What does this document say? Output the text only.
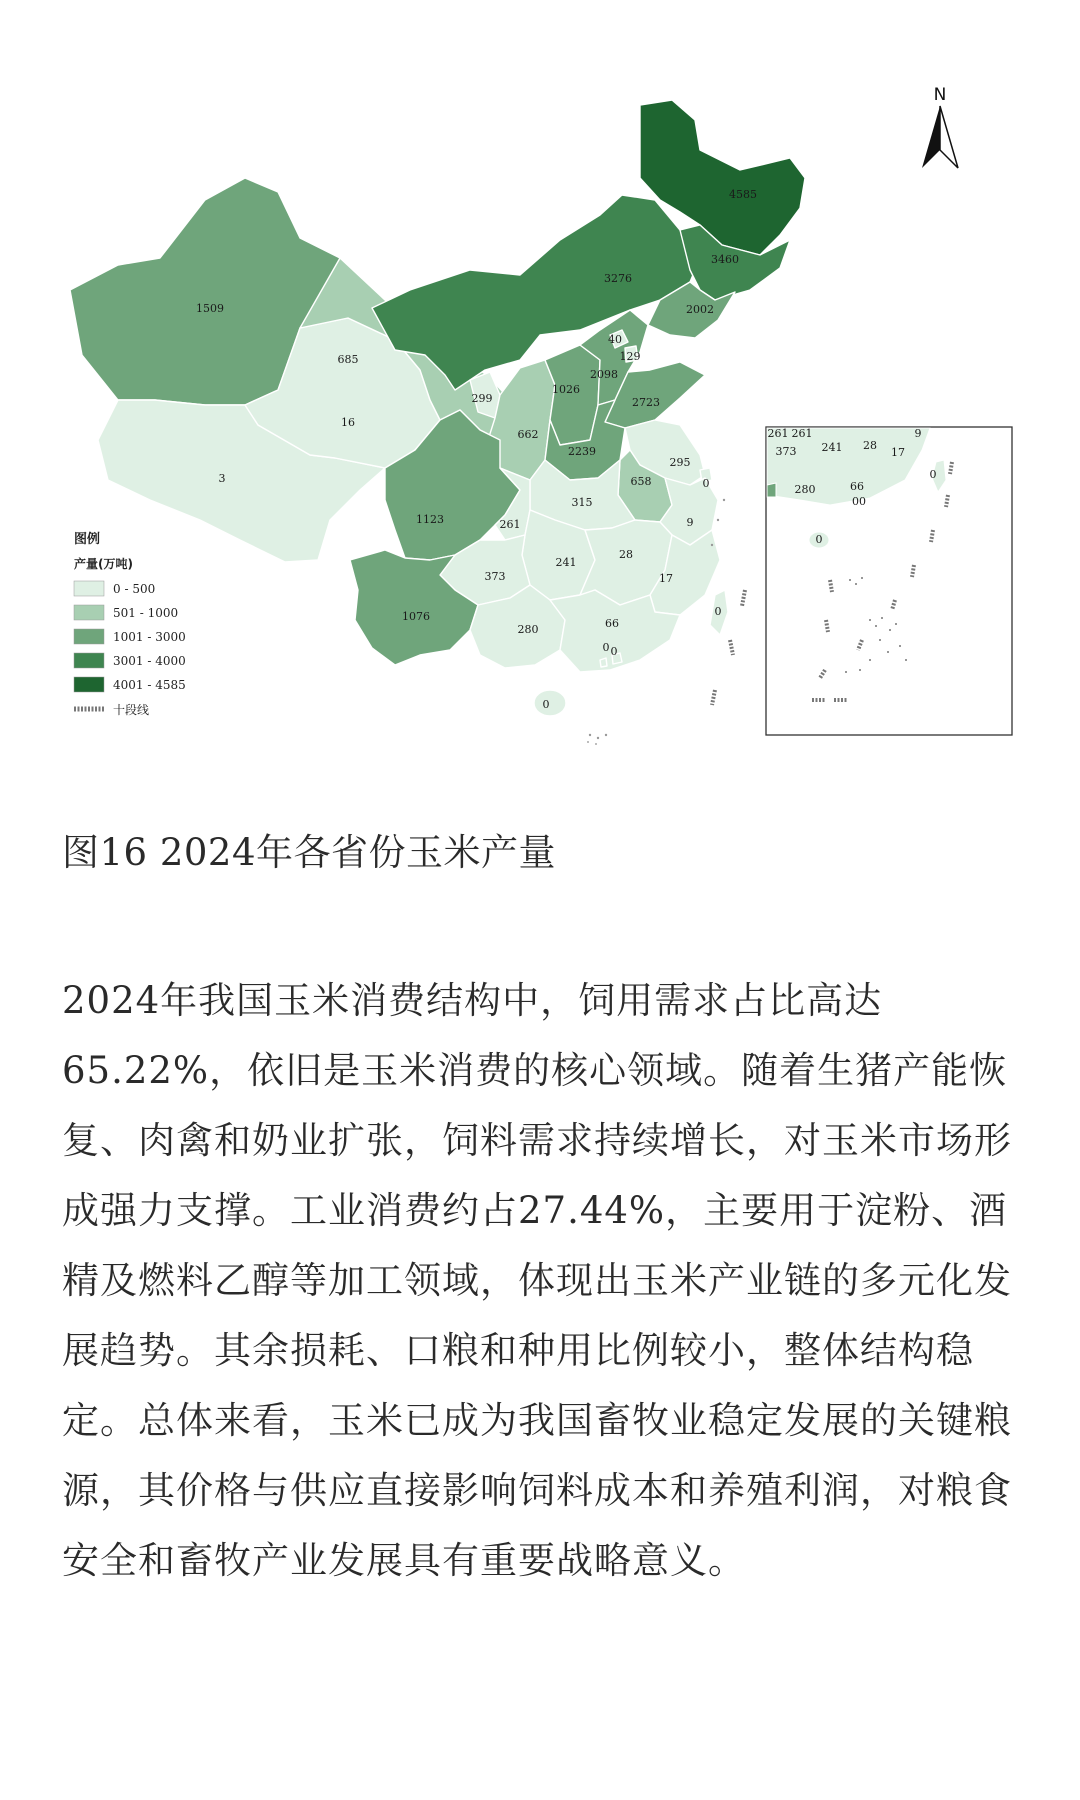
4585
3460
3276
2002
1509
685
16
3
299
1026
2098
40
129
2723
662
2239
295
658	0
1123
315
9
261
241
28
373	17
1076
280	66
0
0
0
0
N
图例
产量(万吨)
0 - 500
501 - 1000
1001 - 3000
3001 - 4000
4001 - 4585
十段线
261 261
373 241 28
17
9
280	66
00
0
0
图16 2024年各省份玉米产量

2024年我国玉米消费结构中，饲用需求占比高达65.22%，依旧是玉米消费的核心领域。随着生猪产能恢复、肉禽和奶业扩张，饲料需求持续增长，对玉米市场形成强力支撑。工业消费约占27.44%，主要用于淀粉、酒精及燃料乙醇等加工领域，体现出玉米产业链的多元化发展趋势。其余损耗、口粮和种用比例较小，整体结构稳定。总体来看，玉米已成为我国畜牧业稳定发展的关键粮源，其价格与供应直接影响饲料成本和养殖利润，对粮食安全和畜牧产业发展具有重要战略意义。
